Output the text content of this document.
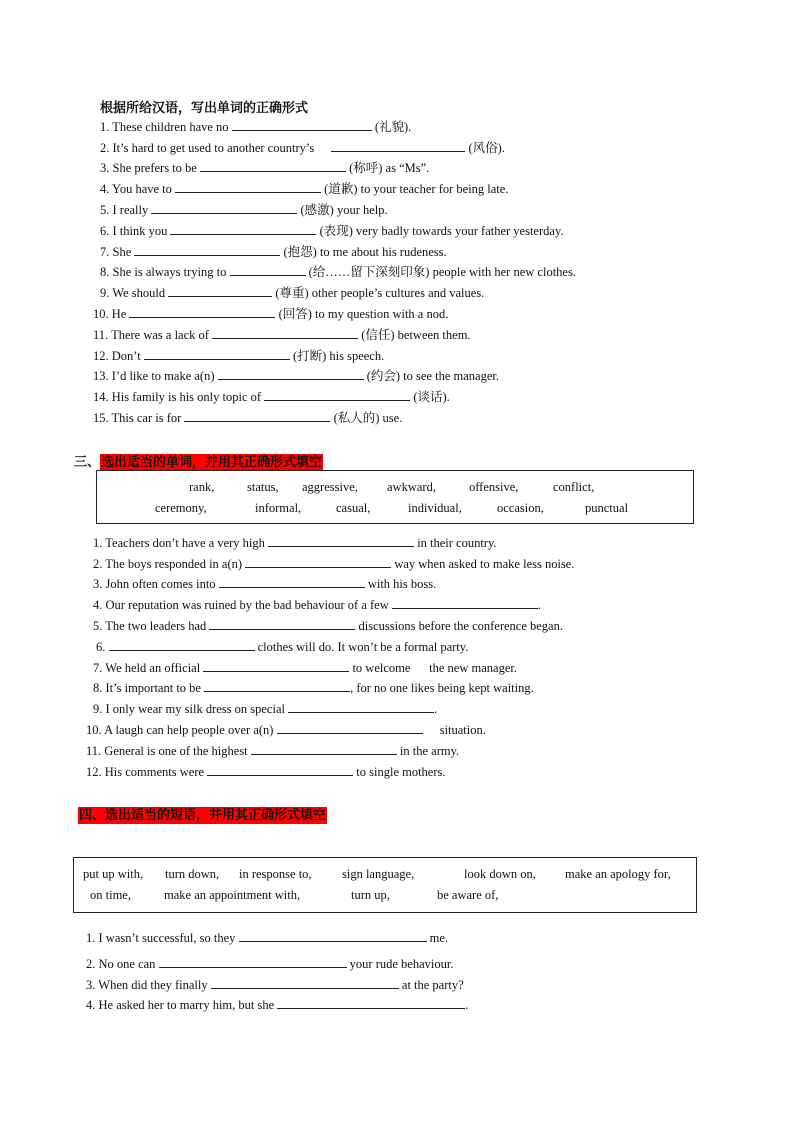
根据所给汉语，写出单词的正确形式
1. These children have no	(礼貌).
2. It’s hard to get used to another country’s	(风俗).
3. She prefers to be	(称呼) as “Ms”.
4. You have to	(道歉) to your teacher for being late.
5. I really	(感激) your help.
6. I think you	(表现) very badly towards your father yesterday.
7. She	(抱怨) to me about his rudeness.
8. She is always trying to	(给……留下深刻印象) people with her new clothes.
9. We should	(尊重) other people’s cultures and values.
10. He	(回答) to my question with a nod.
11. There was a lack of	(信任) between them.
12. Don’t	(打断) his speech.
13. I’d like to make a(n)	(约会) to see the manager.
14. His family is his only topic of	(谈话).
15. This car is for	(私人的) use.
三、选出适当的单词，并用其正确形式填空
rank,	status, aggressive, awkward,	offensive,	conflict,
ceremony,	informal,	casual,	individual,	occasion,	punctual
1. Teachers don’t have a very high	in their country.
2. The boys responded in a(n)	way when asked to make less noise.
3. John often comes into	with his boss.
4. Our reputation was ruined by the bad behaviour of a few	.
5. The two leaders had	discussions before the conference began.
6.	clothes will do. It won’t be a formal party.
7. We held an official	to welcome      the new manager.
8. It’s important to be	, for no one likes being kept waiting.
9. I only wear my silk dress on special	.
10. A laugh can help people over a(n)	situation.
11. General is one of the highest	in the army.
12. His comments were	to single mothers.
四、选出适当的短语，并用其正确形式填空
put up with, turn down, in response to, sign language,	look down on, make an apology for,
on time,	make an appointment with,	turn up,	be aware of,
1. I wasn’t successful, so they	me.
2. No one can	your rude behaviour.
3. When did they finally	at the party?
4. He asked her to marry him, but she	.
